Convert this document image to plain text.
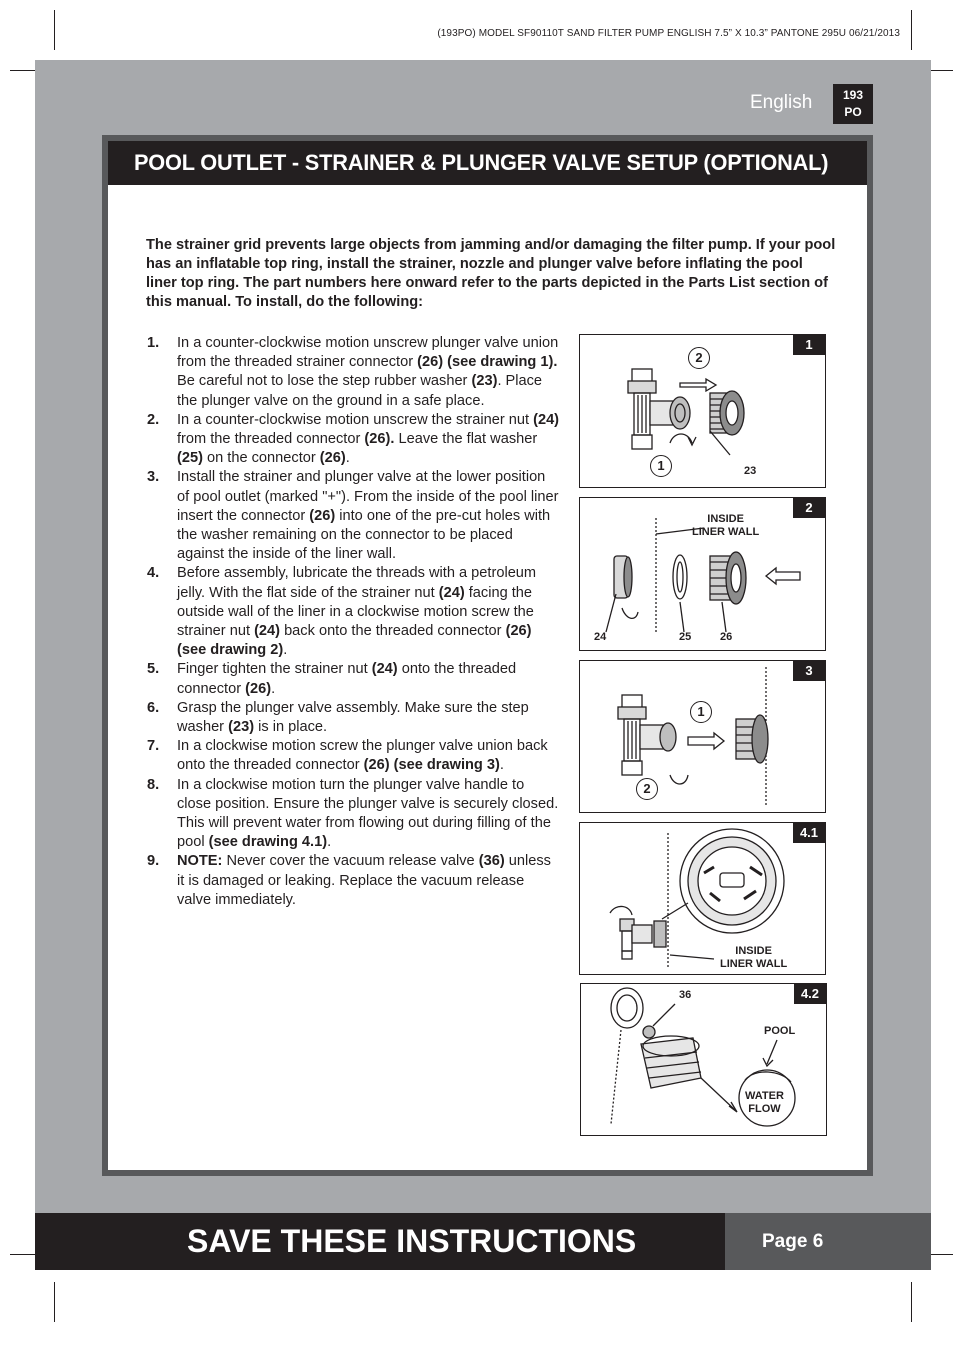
(193PO) MODEL SF90110T SAND FILTER PUMP ENGLISH 7.5” X 10.3” PANTONE 295U 06/21/2013
English	193
PO
POOL OUTLET - STRAINER & PLUNGER VALVE SETUP (OPTIONAL)

The strainer grid prevents large objects from jamming and/or damaging the filter pump. If your pool has an inflatable top ring, install the strainer, nozzle and plunger valve before inflating the pool liner top ring. The part numbers here onward refer to the parts depicted in the Parts List section of this manual. To install, do the following:

1. In a counter-clockwise motion unscrew plunger valve union from the threaded strainer connector (26) (see drawing 1). Be careful not to lose the step rubber washer (23). Place the plunger valve on the ground in a safe place.
2. In a counter-clockwise motion unscrew the strainer nut (24) from the threaded connector (26). Leave the flat washer (25) on the connector (26).
3. Install the strainer and plunger valve at the lower position of pool outlet (marked "+"). From the inside of the pool liner insert the connector (26) into one of the pre-cut holes with the washer remaining on the connector to be placed against the inside of the liner wall.
4. Before assembly, lubricate the threads with a petroleum jelly. With the flat side of the strainer nut (24) facing the outside wall of the liner in a clockwise motion screw the strainer nut (24) back onto the threaded connector (26) (see drawing 2).
5. Finger tighten the strainer nut (24) onto the threaded connector (26).
6. Grasp the plunger valve assembly. Make sure the step washer (23) is in place.
7. In a clockwise motion screw the plunger valve union back onto the threaded connector (26) (see drawing 3).
8. In a clockwise motion turn the plunger valve handle to close position. Ensure the plunger valve is securely closed. This will prevent water from flowing out during filling of the pool (see drawing 4.1).
9. NOTE: Never cover the vacuum release valve (36) unless it is damaged or leaking. Replace the vacuum release valve immediately.
1
2
1	23
2
INSIDE
LINER WALL
24	25	26
3
1
2
4.1
INSIDE
LINER WALL
4.2
36
POOL
WATER
FLOW
SAVE THESE INSTRUCTIONS	Page 6
